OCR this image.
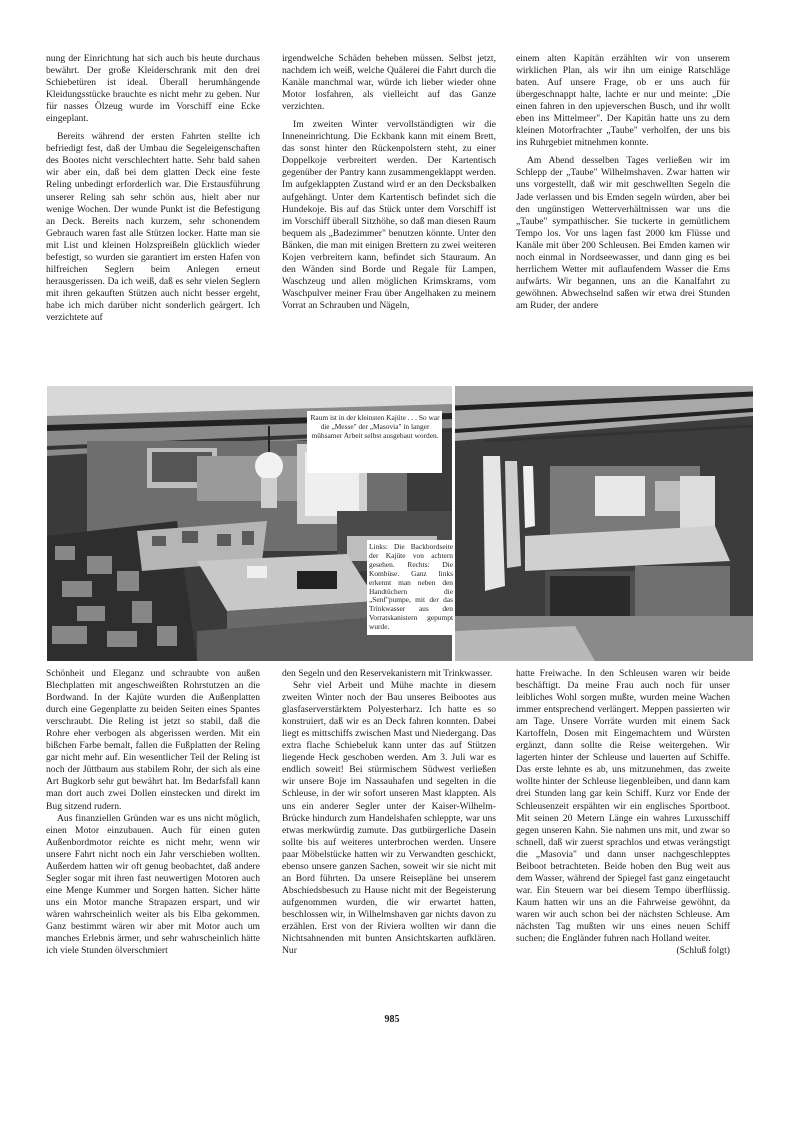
nung der Einrichtung hat sich auch bis heute durchaus bewährt. Der große Kleiderschrank mit den drei Schiebetüren ist ideal. Überall herumhängende Kleidungsstücke brauchte es nicht mehr zu geben. Nur für nasses Ölzeug wurde im Vorschiff eine Ecke eingeplant.

Bereits während der ersten Fahrten stellte ich befriedigt fest, daß der Umbau die Segeleigenschaften des Bootes nicht verschlechtert hatte. Sehr bald sahen wir aber ein, daß bei dem glatten Deck eine feste Reling unbedingt erforderlich war. Die Erstausführung unserer Reling sah sehr schön aus, hielt aber nur wenige Wochen. Der wunde Punkt ist die Befestigung an Deck. Bereits nach kurzem, sehr schonendem Gebrauch waren fast alle Stützen locker. Hatte man sie mit List und kleinen Holzspreißeln glücklich wieder befestigt, so wurden sie garantiert im ersten Hafen von hilfreichen Seglern beim Anlegen erneut herausgerissen. Da ich weiß, daß es sehr vielen Seglern mit ihren gekauften Stützen auch nicht besser ergeht, habe ich mich darüber nicht sonderlich geärgert. Ich verzichtete auf

irgendwelche Schäden beheben müssen. Selbst jetzt, nachdem ich weiß, welche Quälerei die Fahrt durch die Kanäle manchmal war, würde ich lieber wieder ohne Motor losfahren, als vielleicht auf das Ganze verzichten.

Im zweiten Winter vervollständigten wir die Inneneinrichtung. Die Eckbank kann mit einem Brett, das sonst hinter den Rückenpolstern steht, zu einer Doppelkoje verbreitert werden. Der Kartentisch gegenüber der Pantry kann zusammengeklappt werden. Im aufgeklappten Zustand wird er an den Decksbalken aufgehängt. Unter dem Kartentisch befindet sich die Hundekoje. Bis auf das Stück unter dem Vorschiff ist im Vorschiff überall Sitzhöhe, so daß man diesen Raum bequem als „Badezimmer" benutzen könnte. Unter den Bänken, die man mit einigen Brettern zu zwei weiteren Kojen verbreitern kann, befindet sich Stauraum. An den Wänden sind Borde und Regale für Lampen, Waschzeug und allen möglichen Krimskrams, vom Waschpulver meiner Frau über Angelhaken zu meinem Vorrat an Schrauben und Nägeln,

einem alten Kapitän erzählten wir von unserem wirklichen Plan, als wir ihn um einige Ratschläge baten. Auf unsere Frage, ob er uns auch für übergeschnappt halte, lachte er nur und meinte: „Die einen fahren in den upjeverschen Busch, und ihr wollt eben ins Mittelmeer". Der Kapitän hatte uns zu dem kleinen Motorfrachter „Taube" verholfen, der uns bis ins Ruhrgebiet mitnehmen konnte.

Am Abend desselben Tages verließen wir im Schlepp der „Taube" Wilhelmshaven. Zwar hatten wir uns vorgestellt, daß wir mit geschwellten Segeln die Jade verlassen und bis Emden segeln würden, aber bei den ungünstigen Wetterverhältnissen war uns die „Taube" sympathischer. Sie tuckerte in gemütlichem Tempo los. Vor uns lagen fast 2000 km Flüsse und Kanäle mit über 200 Schleusen. Bei Emden kamen wir noch einmal in Nordseewasser, und dann ging es bei herrlichem Wetter mit auflaufendem Wasser die Ems aufwärts. Wir begannen, uns an die Kanalfahrt zu gewöhnen. Abwechselnd saßen wir etwa drei Stunden am Ruder, der andere

Raum ist in der kleinsten Kajüte . . . So war die „Messe" der „Masovia" in langer mühsamer Arbeit selbst ausgebaut worden.
Links: Die Backbordseite der Kajüte von achtern gesehen. Rechts: Die Kombüse. Ganz links erkennt man neben den Handtüchern die „Senf"pumpe, mit der das Trinkwasser aus den Vorratskanistern gepumpt wurde.

Schönheit und Eleganz und schraubte von außen Blechplatten mit angeschweißten Rohrstutzen an die Bordwand. In der Kajüte wurden die Außenplatten durch eine Gegenplatte zu beiden Seiten eines Spantes verschraubt. Die Reling ist jetzt so stabil, daß die Rohre eher verbogen als abgerissen werden. Mit ein bißchen Farbe bemalt, fallen die Fußplatten der Reling gar nicht mehr auf. Ein wesentlicher Teil der Reling ist noch der Jüttbaum aus stabilem Rohr, der sich als eine Art Bugkorb sehr gut bewährt hat. Im Bedarfsfall kann man dort auch zwei Dollen einstecken und direkt im Bug sitzend rudern.

Aus finanziellen Gründen war es uns nicht möglich, einen Motor einzubauen. Auch für einen guten Außenbordmotor reichte es nicht mehr, wenn wir unsere Fahrt nicht noch ein Jahr verschieben wollten. Außerdem hatten wir oft genug beobachtet, daß andere Segler sogar mit ihren fast neuwertigen Motoren auch eine Menge Kummer und Sorgen hatten. Sicher hätte uns ein Motor manche Strapazen erspart, und wir wären wahrscheinlich weiter als bis Elba gekommen. Ganz bestimmt wären wir aber mit Motor auch um manches Erlebnis ärmer, und sehr wahrscheinlich hätte ich viele Stunden ölverschmiert

den Segeln und den Reservekanistern mit Trinkwasser.

Sehr viel Arbeit und Mühe machte in diesem zweiten Winter noch der Bau unseres Beibootes aus glasfaserverstärktem Polyesterharz. Ich hatte es so konstruiert, daß wir es an Deck fahren konnten. Dabei liegt es mittschiffs zwischen Mast und Niedergang. Das extra flache Schiebeluk kann unter das auf Stützen liegende Heck geschoben werden. Am 3. Juli war es endlich soweit! Bei stürmischem Südwest verließen wir unsere Boje im Nassauhafen und segelten in die Schleuse, in der wir sofort unseren Mast klappten. Als uns ein anderer Segler unter der Kaiser-Wilhelm-Brücke hindurch zum Handelshafen schleppte, war uns etwas merkwürdig zumute. Das gutbürgerliche Dasein sollte bis auf weiteres unterbrochen werden. Unsere paar Möbelstücke hatten wir zu Verwandten geschickt, ebenso unsere ganzen Sachen, soweit wir sie nicht mit an Bord führten. Da unsere Reisepläne bei unserem Abschiedsbesuch zu Hause nicht mit der Begeisterung aufgenommen wurden, die wir erwartet hatten, beschlossen wir, in Wilhelmshaven gar nichts davon zu erzählen. Erst von der Riviera wollten wir dann die Nichtsahnenden mit bunten Ansichtskarten aufklären. Nur

hatte Freiwache. In den Schleusen waren wir beide beschäftigt. Da meine Frau auch noch für unser leibliches Wohl sorgen mußte, wurden meine Wachen immer entsprechend verlängert. Meppen passierten wir am Tage. Unsere Vorräte wurden mit einem Sack Kartoffeln, Dosen mit Eingemachtem und Würsten ergänzt, dann sollte die Reise weitergehen. Wir lagerten hinter der Schleuse und lauerten auf Schiffe. Das erste lehnte es ab, uns mitzunehmen, das zweite wollte hinter der Schleuse liegenbleiben, und dann kam drei Stunden lang gar kein Schiff. Kurz vor Ende der Schleusenzeit erspähten wir ein englisches Sportboot. Mit seinen 20 Metern Länge ein wahres Luxusschiff gegen unseren Kahn. Sie nahmen uns mit, und zwar so schnell, daß wir zuerst sprachlos und etwas verängstigt die „Masovia" und dann unser nachgeschlepptes Beiboot betrachteten. Beide hoben den Bug weit aus dem Wasser, während der Spiegel fast ganz eingetaucht war. Ein Steuern war bei diesem Tempo überflüssig. Kaum hatten wir uns an die Fahrweise gewöhnt, da waren wir auch schon bei der nächsten Schleuse. Am nächsten Tag mußten wir uns eines neuen Schiff suchen; die Engländer fuhren nach Holland weiter.

(Schluß folgt)

985
